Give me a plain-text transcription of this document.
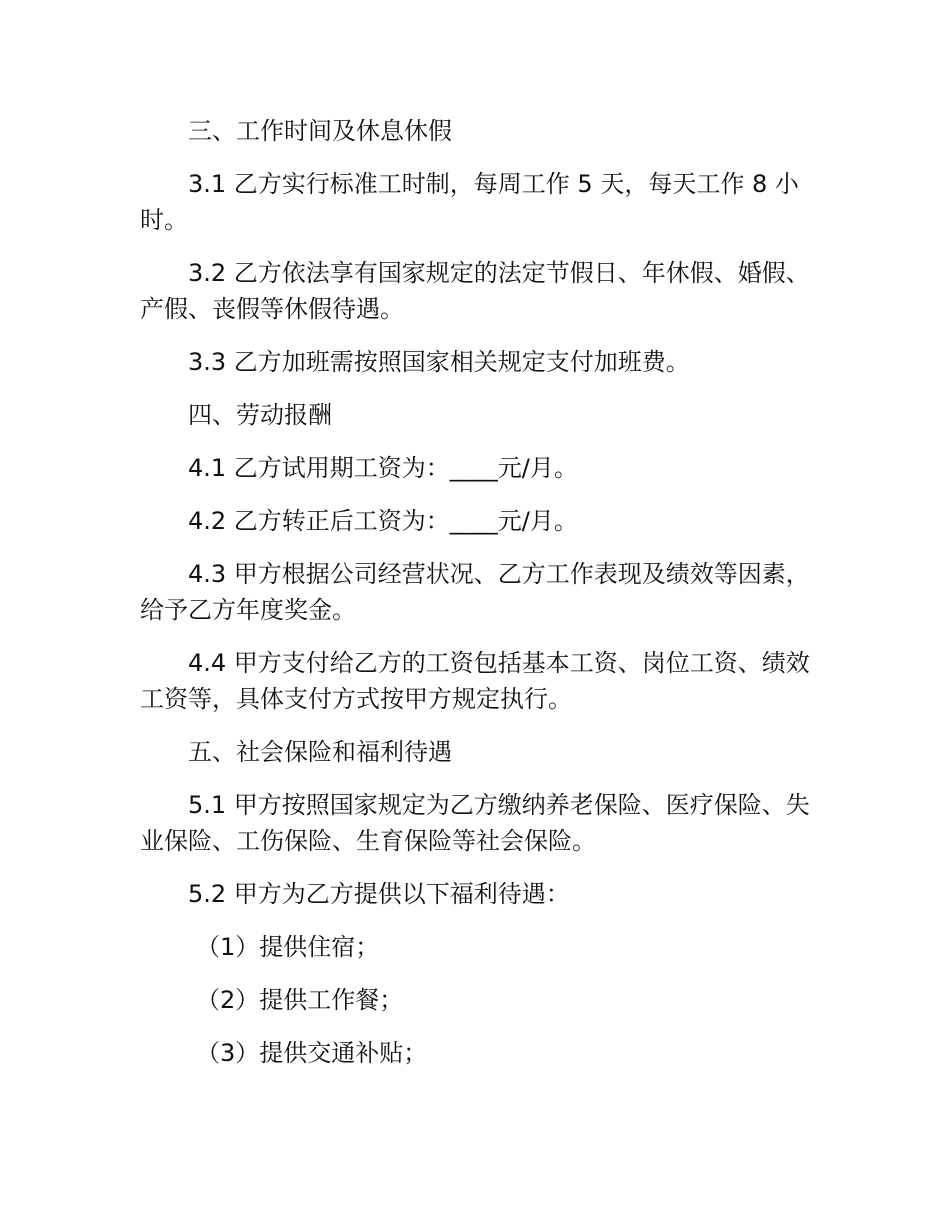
三、工作时间及休息休假

3.1 乙方实行标准工时制，每周工作 5 天，每天工作 8 小时。

3.2 乙方依法享有国家规定的法定节假日、年休假、婚假、产假、丧假等休假待遇。

3.3 乙方加班需按照国家相关规定支付加班费。

四、劳动报酬

4.1 乙方试用期工资为：____元/月。

4.2 乙方转正后工资为：____元/月。

4.3 甲方根据公司经营状况、乙方工作表现及绩效等因素，给予乙方年度奖金。

4.4 甲方支付给乙方的工资包括基本工资、岗位工资、绩效工资等，具体支付方式按甲方规定执行。

五、社会保险和福利待遇

5.1 甲方按照国家规定为乙方缴纳养老保险、医疗保险、失业保险、工伤保险、生育保险等社会保险。

5.2 甲方为乙方提供以下福利待遇：

（1）提供住宿；

（2）提供工作餐；

（3）提供交通补贴；
